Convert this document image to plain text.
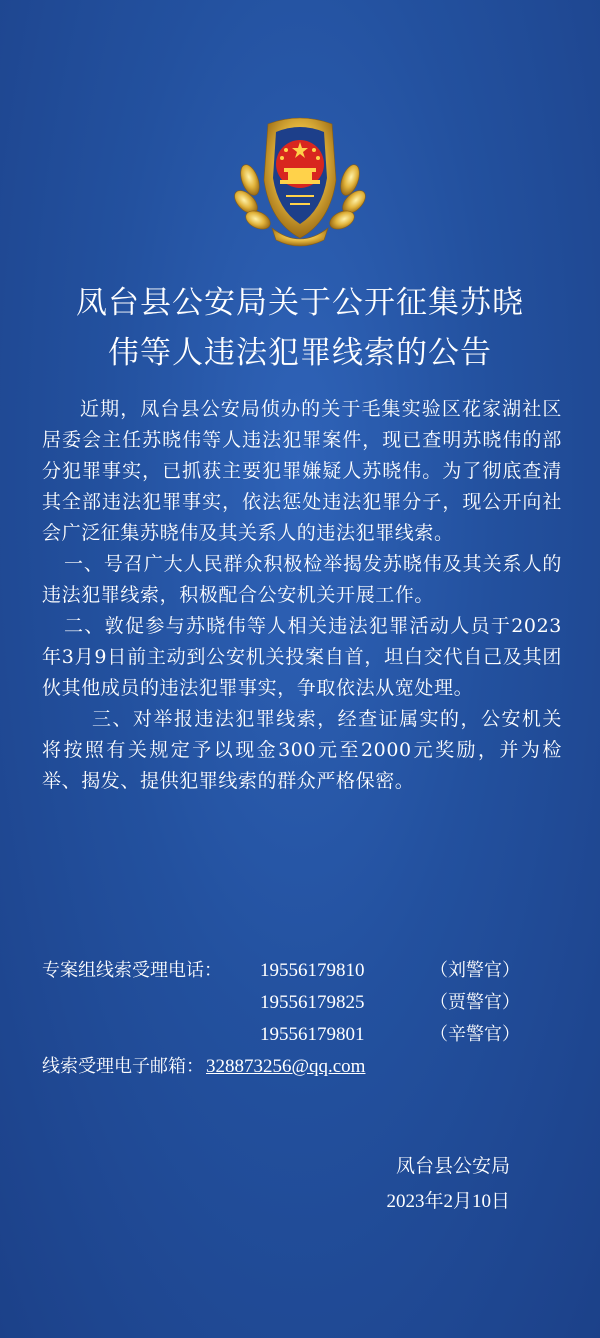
凤台县公安局关于公开征集苏晓
伟等人违法犯罪线索的公告

近期，凤台县公安局侦办的关于毛集实验区花家湖社区居委会主任苏晓伟等人违法犯罪案件，现已查明苏晓伟的部分犯罪事实，已抓获主要犯罪嫌疑人苏晓伟。为了彻底查清其全部违法犯罪事实，依法惩处违法犯罪分子，现公开向社会广泛征集苏晓伟及其关系人的违法犯罪线索。

一、号召广大人民群众积极检举揭发苏晓伟及其关系人的违法犯罪线索，积极配合公安机关开展工作。

二、敦促参与苏晓伟等人相关违法犯罪活动人员于2023年3月9日前主动到公安机关投案自首，坦白交代自己及其团伙其他成员的违法犯罪事实，争取依法从宽处理。

三、对举报违法犯罪线索，经查证属实的，公安机关将按照有关规定予以现金300元至2000元奖励，并为检举、揭发、提供犯罪线索的群众严格保密。

专案组线索受理电话：	19556179810	（刘警官）
19556179825	（贾警官）
19556179801	（辛警官）
线索受理电子邮箱： 328873256@qq.com
凤台县公安局
2023年2月10日
